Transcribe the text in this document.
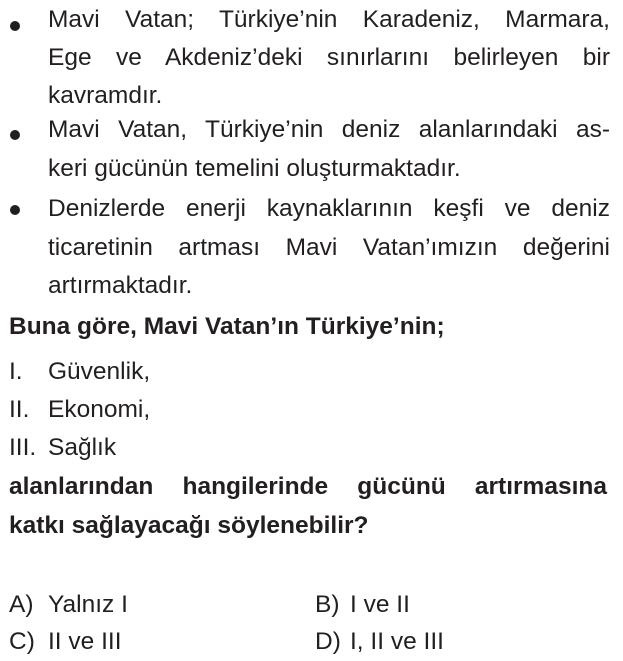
Mavi Vatan; Türkiye’nin Karadeniz, Marmara,
Ege ve Akdeniz’deki sınırlarını belirleyen bir
kavramdır.
Mavi Vatan, Türkiye’nin deniz alanlarındaki as-
keri gücünün temelini oluşturmaktadır.
Denizlerde enerji kaynaklarının keşfi ve deniz
ticaretinin artması Mavi Vatan’ımızın değerini
artırmaktadır.
Buna göre, Mavi Vatan’ın Türkiye’nin;
I. Güvenlik,
II. Ekonomi,
III. Sağlık
alanlarından hangilerinde gücünü artırmasına
katkı sağlayacağı söylenebilir?
A) Yalnız I	B) I ve II
C) II ve III	D) I, II ve III
